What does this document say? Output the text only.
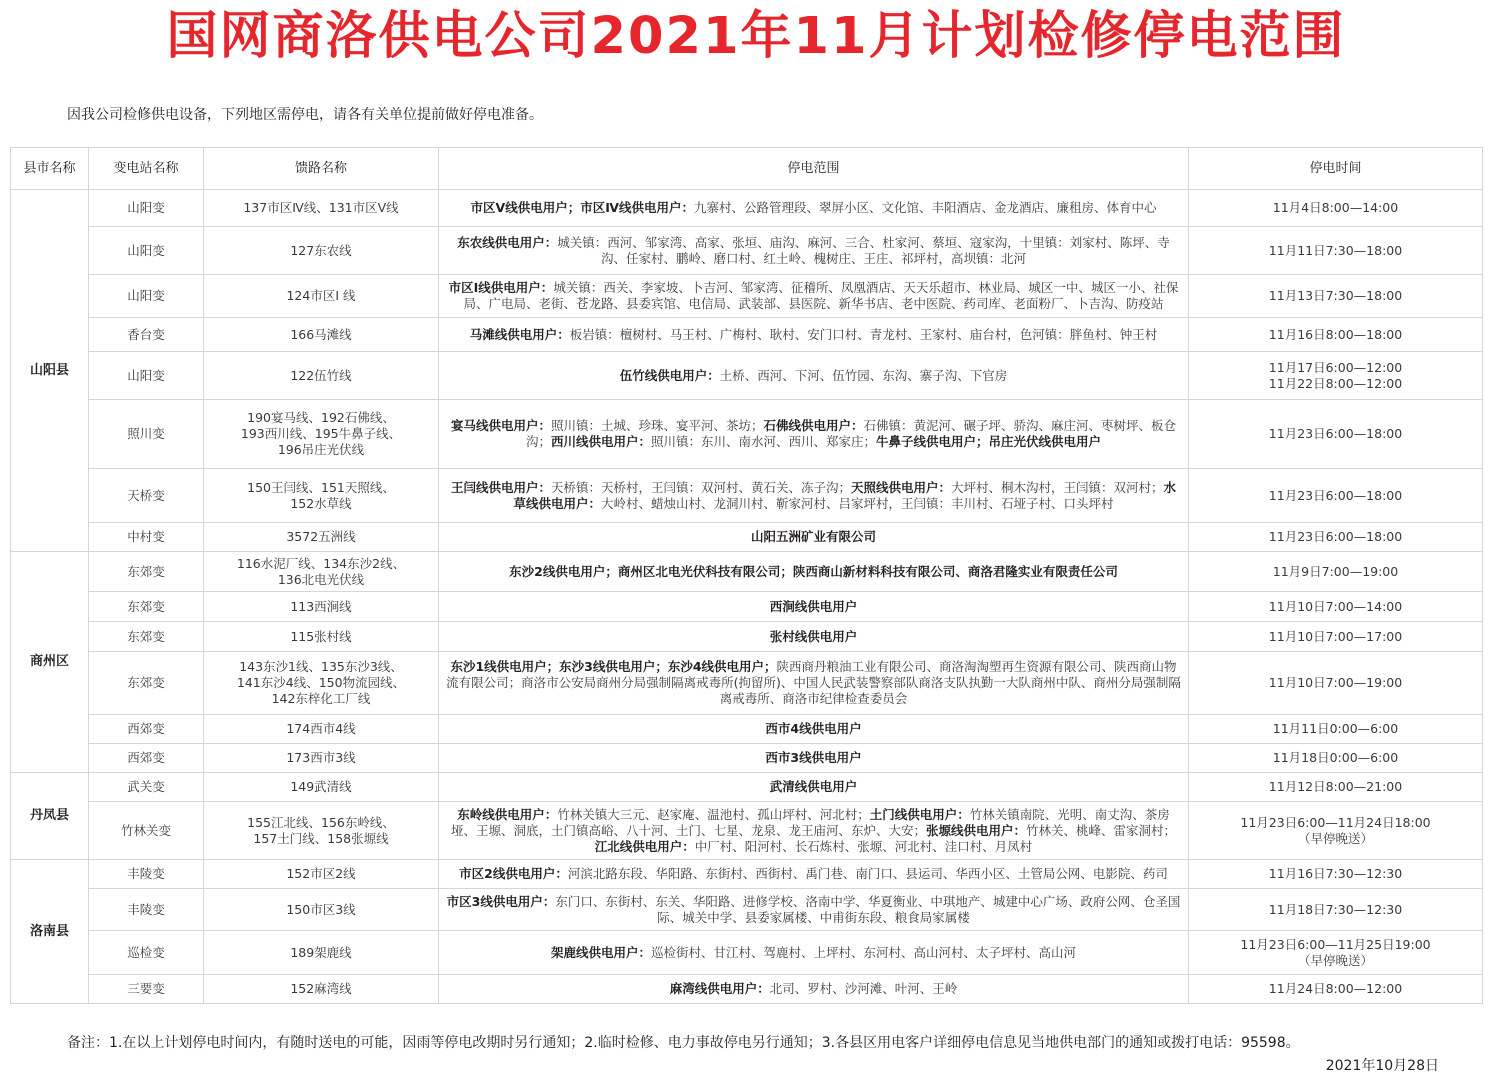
国网商洛供电公司2021年11月计划检修停电范围
因我公司检修供电设备，下列地区需停电，请各有关单位提前做好停电准备。
县市名称	变电站名称	馈路名称	停电范围	停电时间
山阳县	山阳变	137市区Ⅳ线、131市区Ⅴ线	市区Ⅴ线供电用户；市区Ⅳ线供电用户：九寨村、公路管理段、翠屏小区、文化馆、丰阳酒店、金龙酒店、廉租房、体育中心	11月4日8:00—14:00

	山阳变	127东农线	东农线供电用户：城关镇：西河、邹家湾、高家、张垣、庙沟、麻河、三合、杜家河、蔡垣、寇家沟，十里镇：刘家村、陈坪、寺沟、任家村、鹏岭、磨口村、红土岭、槐树庄、王庄、祁坪村，高坝镇：北河	11月11日7:30—18:00

	山阳变	124市区Ⅰ 线	市区Ⅰ线供电用户：城关镇：西关、李家坡、卜吉河、邹家湾、征稽所、凤凰酒店、天天乐超市、林业局、城区一中、城区一小、社保局、广电局、老街、苍龙路、县委宾馆、电信局、武装部、县医院、新华书店、老中医院、药司库、老面粉厂、卜吉沟、防疫站	11月13日7:30—18:00

	香台变	166马滩线	马滩线供电用户：板岩镇：檀树村、马王村、广梅村、耿村、安门口村、青龙村、王家村、庙台村，色河镇：胖鱼村、钟王村	11月16日8:00—18:00

	山阳变	122伍竹线	伍竹线供电用户：土桥、西河、下河、伍竹园、东沟、寨子沟、下官房	11月17日6:00—12:00
11月22日8:00—12:00

	照川变	190宴马线、192石佛线、
193西川线、195牛鼻子线、
196吊庄光伏线	宴马线供电用户：照川镇：土城、珍珠、宴平河、茶坊；石佛线供电用户：石佛镇：黄泥河、碾子坪、骄沟、麻庄河、枣树坪、板仓沟；西川线供电用户：照川镇：东川、南水河、西川、郑家庄；牛鼻子线供电用户；吊庄光伏线供电用户	11月23日6:00—18:00

	天桥变	150王闫线、151天照线、
152水草线	王闫线供电用户：天桥镇：天桥村，王闫镇：双河村、黄石关、冻子沟；天照线供电用户：大坪村、桐木沟村，王闫镇：双河村；水草线供电用户：大岭村、蜡烛山村、龙洞川村、靳家河村、吕家坪村，王闫镇：丰川村、石垭子村、口头坪村	11月23日6:00—18:00

	中村变	3572五洲线	山阳五洲矿业有限公司	11月23日6:00—18:00

商州区	东郊变	116水泥厂线、134东沙2线、
136北电光伏线	东沙2线供电用户；商州区北电光伏科技有限公司；陕西商山新材料科技有限公司、商洛君隆实业有限责任公司	11月9日7:00—19:00

	东郊变	113西涧线	西涧线供电用户	11月10日7:00—14:00

	东郊变	115张村线	张村线供电用户	11月10日7:00—17:00

	东郊变	143东沙1线、135东沙3线、
141东沙4线、150物流园线、
142东梓化工厂线	东沙1线供电用户；东沙3线供电用户；东沙4线供电用户；陕西商丹粮油工业有限公司、商洛淘淘塑再生资源有限公司、陕西商山物流有限公司；商洛市公安局商州分局强制隔离戒毒所(拘留所)、中国人民武装警察部队商洛支队执勤一大队商州中队、商州分局强制隔离戒毒所、商洛市纪律检查委员会	11月10日7:00—19:00

	西郊变	174西市4线	西市4线供电用户	11月11日0:00—6:00

	西郊变	173西市3线	西市3线供电用户	11月18日0:00—6:00

丹凤县	武关变	149武清线	武清线供电用户	11月12日8:00—21:00

	竹林关变	155江北线、156东岭线、
157土门线、158张塬线	东岭线供电用户：竹林关镇大三元、赵家庵、温池村、孤山坪村、河北村；土门线供电用户：竹林关镇南院、光明、南丈沟、茶房垭、王塬、洞底，土门镇高峪、八十河、土门、七星、龙泉、龙王庙河、东炉、大安；张塬线供电用户：竹林关、桃峰、雷家洞村；江北线供电用户：中厂村、阳河村、长石炼村、张塬、河北村、洼口村、月凤村	11月23日6:00—11月24日18:00
（早停晚送）

洛南县	丰陵变	152市区2线	市区2线供电用户：河滨北路东段、华阳路、东街村、西街村、禹门巷、南门口、县运司、华西小区、土管局公网、电影院、药司	11月16日7:30—12:30

	丰陵变	150市区3线	市区3线供电用户：东门口、东街村、东关、华阳路、进修学校、洛南中学、华夏衡业、中琪地产、城建中心广场、政府公网、仓圣国际、城关中学、县委家属楼、中甫街东段、粮食局家属楼	11月18日7:30—12:30

	巡检变	189架鹿线	架鹿线供电用户：巡检街村、甘江村、驾鹿村、上坪村、东河村、高山河村、太子坪村、高山河	11月23日6:00—11月25日19:00
（早停晚送）

	三要变	152麻湾线	麻湾线供电用户：北司、罗村、沙河滩、叶河、王岭	11月24日8:00—12:00
备注：1.在以上计划停电时间内，有随时送电的可能，因雨等停电改期时另行通知；2.临时检修、电力事故停电另行通知；3.各县区用电客户详细停电信息见当地供电部门的通知或拨打电话：95598。
2021年10月28日
